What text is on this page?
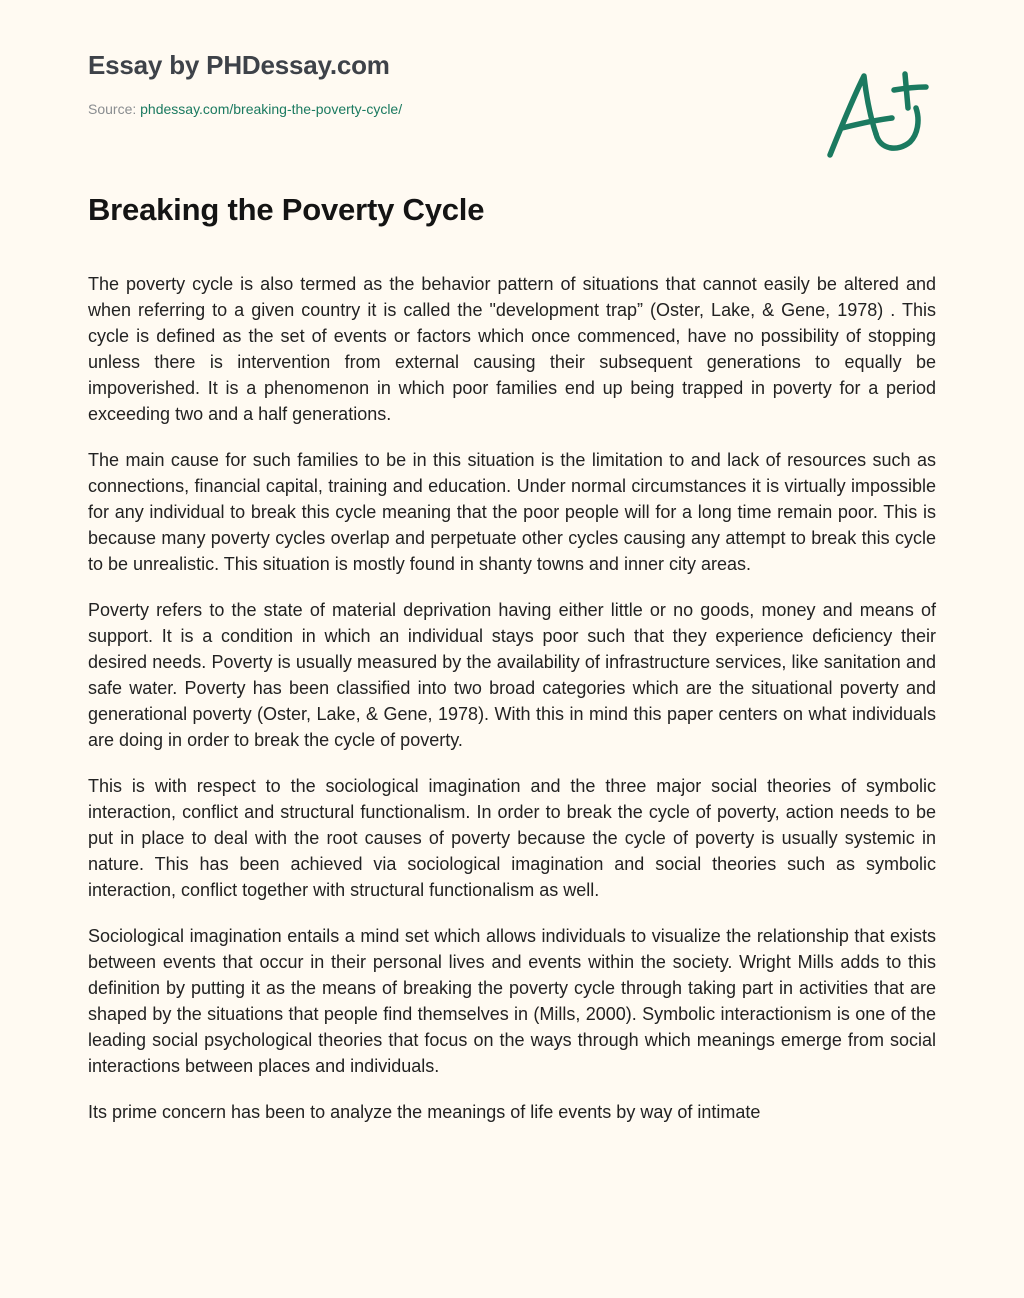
Essay by PHDessay.com
Source: phdessay.com/breaking-the-poverty-cycle/
Breaking the Poverty Cycle

The poverty cycle is also termed as the behavior pattern of situations that cannot easily be altered and when referring to a given country it is called the "development trap” (Oster, Lake, & Gene, 1978) . This cycle is defined as the set of events or factors which once commenced, have no possibility of stopping unless there is intervention from external causing their subsequent generations to equally be impoverished. It is a phenomenon in which poor families end up being trapped in poverty for a period exceeding two and a half generations.

The main cause for such families to be in this situation is the limitation to and lack of resources such as connections, financial capital, training and education. Under normal circumstances it is virtually impossible for any individual to break this cycle meaning that the poor people will for a long time remain poor. This is because many poverty cycles overlap and perpetuate other cycles causing any attempt to break this cycle to be unrealistic. This situation is mostly found in shanty towns and inner city areas.

Poverty refers to the state of material deprivation having either little or no goods, money and means of support. It is a condition in which an individual stays poor such that they experience deficiency their desired needs. Poverty is usually measured by the availability of infrastructure services, like sanitation and safe water. Poverty has been classified into two broad categories which are the situational poverty and generational poverty (Oster, Lake, & Gene, 1978). With this in mind this paper centers on what individuals are doing in order to break the cycle of poverty.

This is with respect to the sociological imagination and the three major social theories of symbolic interaction, conflict and structural functionalism. In order to break the cycle of poverty, action needs to be put in place to deal with the root causes of poverty because the cycle of poverty is usually systemic in nature. This has been achieved via sociological imagination and social theories such as symbolic interaction, conflict together with structural functionalism as well.

Sociological imagination entails a mind set which allows individuals to visualize the relationship that exists between events that occur in their personal lives and events within the society. Wright Mills adds to this definition by putting it as the means of breaking the poverty cycle through taking part in activities that are shaped by the situations that people find themselves in (Mills, 2000). Symbolic interactionism is one of the leading social psychological theories that focus on the ways through which meanings emerge from social interactions between places and individuals.

Its prime concern has been to analyze the meanings of life events by way of intimate
